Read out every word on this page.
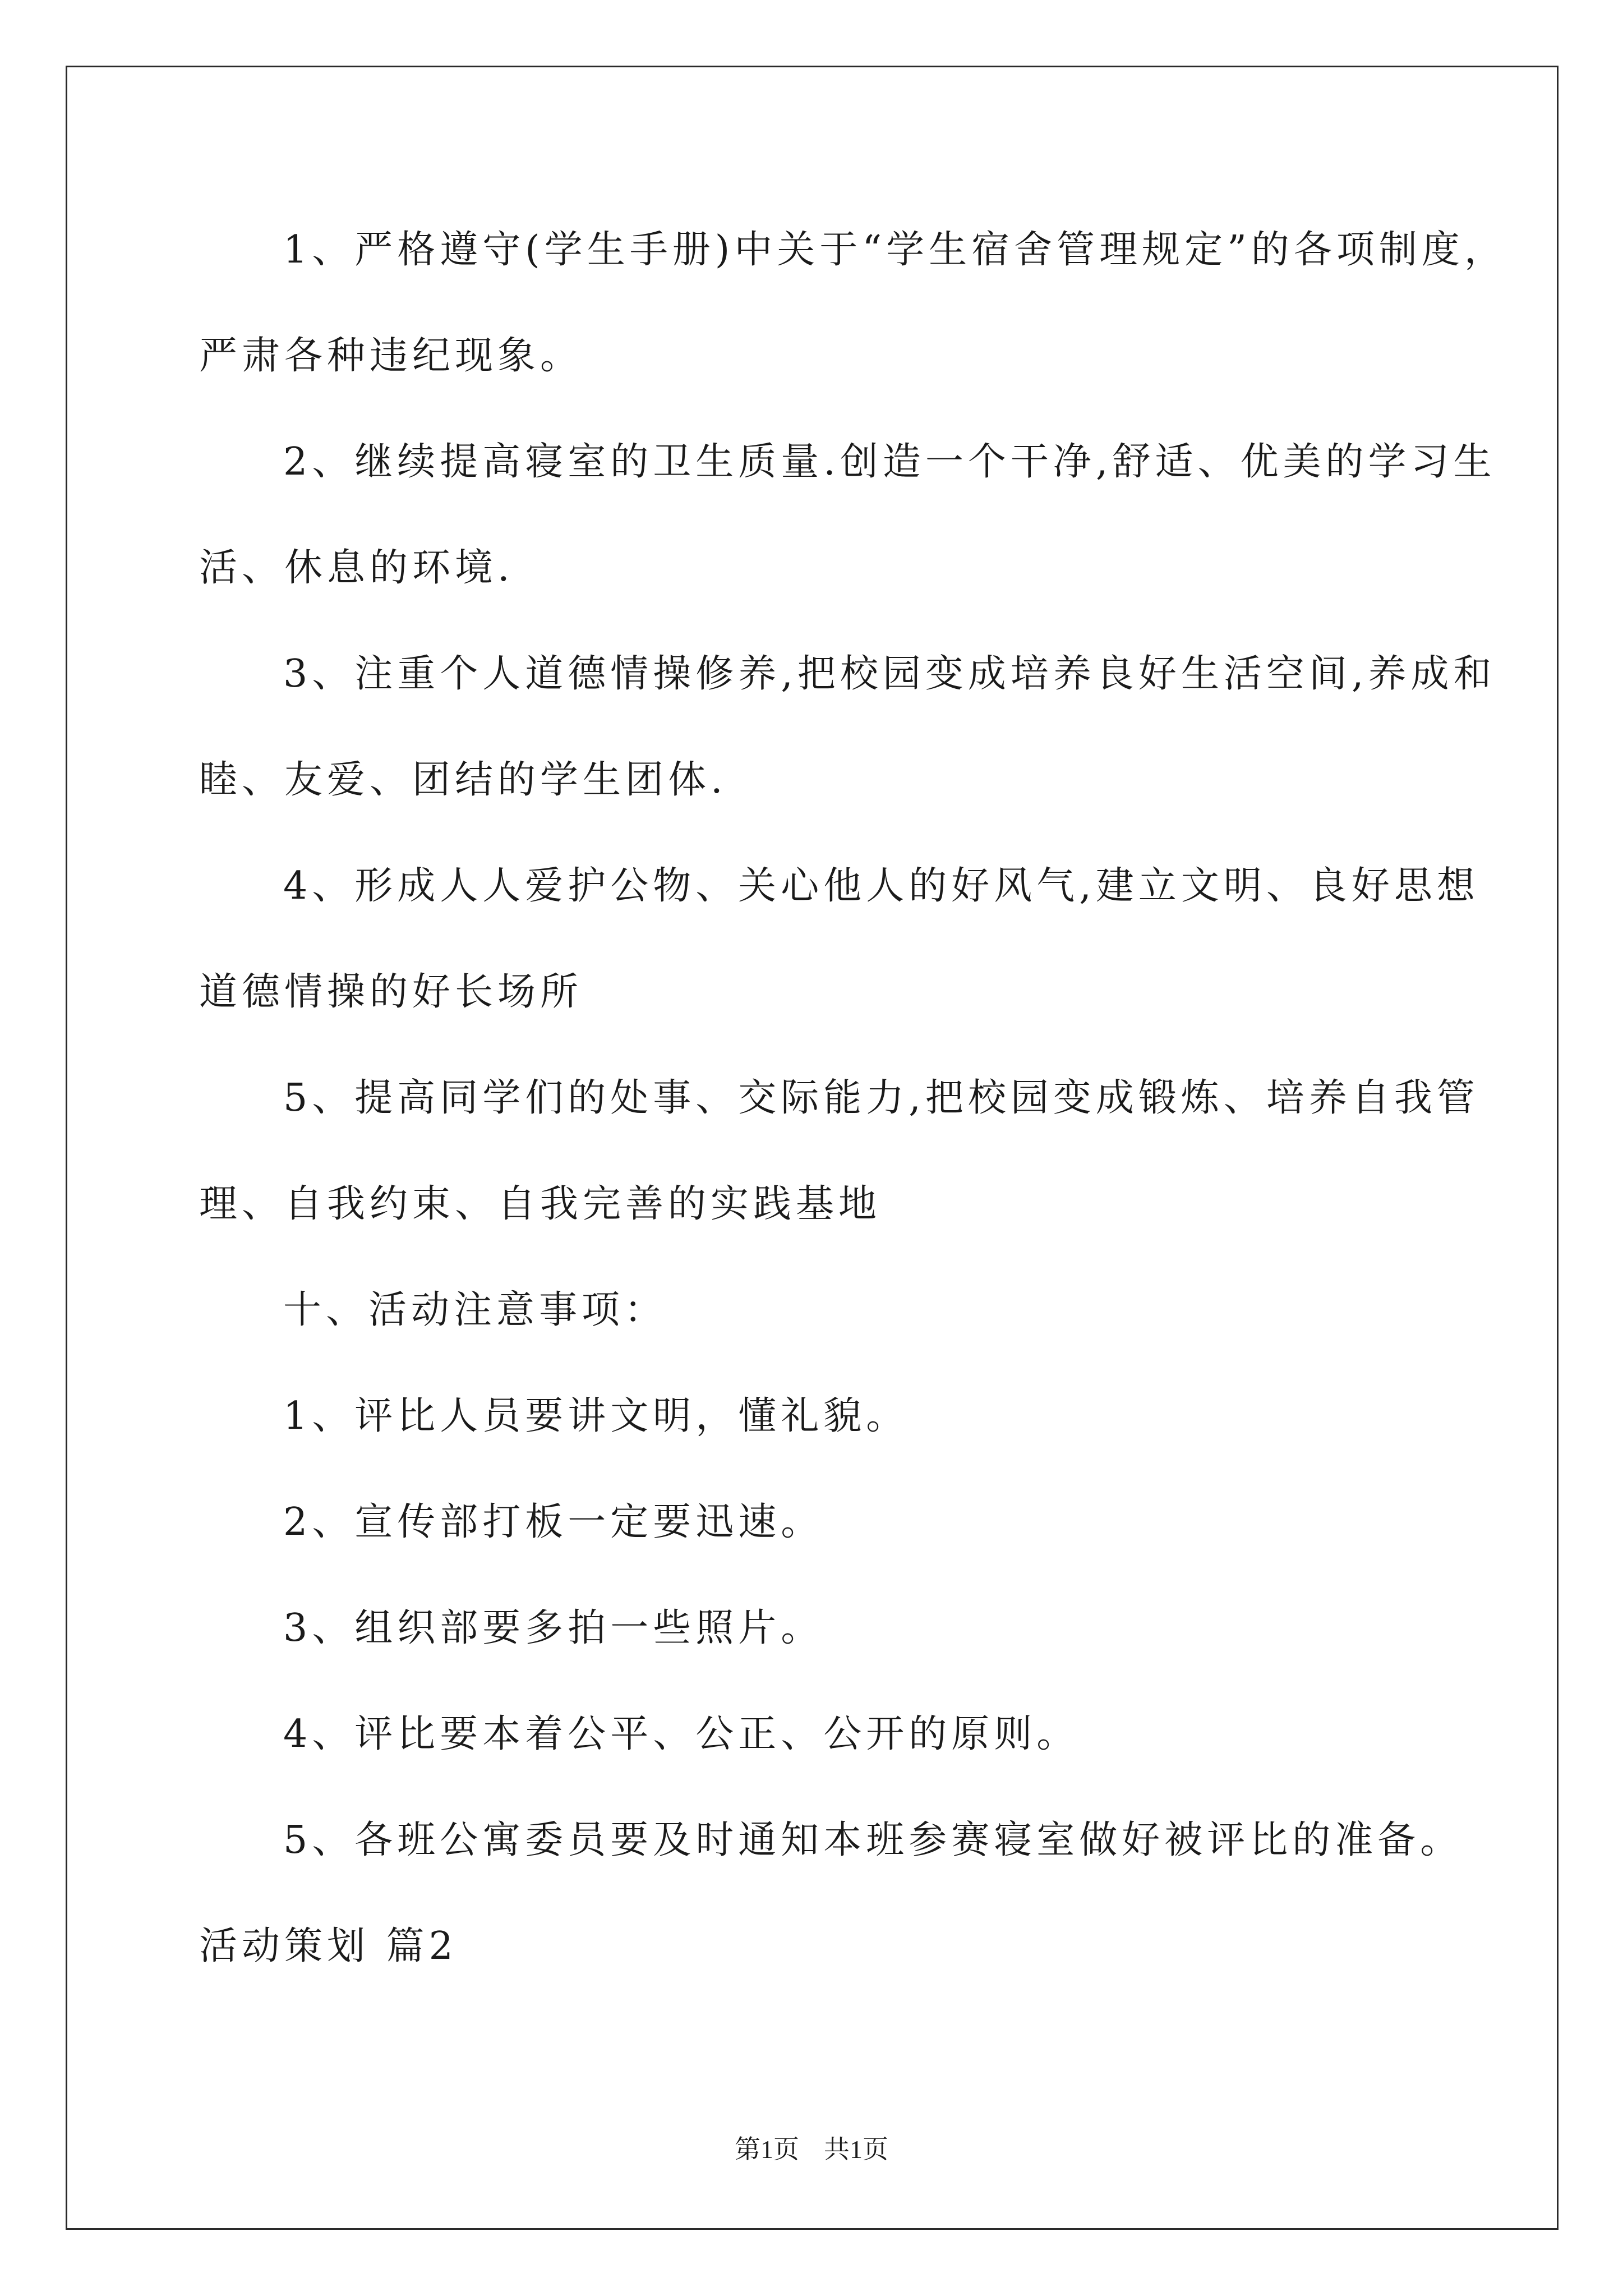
1、严格遵守(学生手册)中关于“学生宿舍管理规定”的各项制度，

严肃各种违纪现象。

2、继续提高寝室的卫生质量.创造一个干净,舒适、优美的学习生

活、休息的环境.

3、注重个人道德情操修养,把校园变成培养良好生活空间,养成和

睦、友爱、团结的学生团体.

4、形成人人爱护公物、关心他人的好风气,建立文明、良好思想

道德情操的好长场所

5、提高同学们的处事、交际能力,把校园变成锻炼、培养自我管

理、自我约束、自我完善的实践基地

十、活动注意事项：

1、评比人员要讲文明，懂礼貌。

2、宣传部打板一定要迅速。

3、组织部要多拍一些照片。

4、评比要本着公平、公正、公开的原则。

5、各班公寓委员要及时通知本班参赛寝室做好被评比的准备。

活动策划 篇2

第1页 共1页
